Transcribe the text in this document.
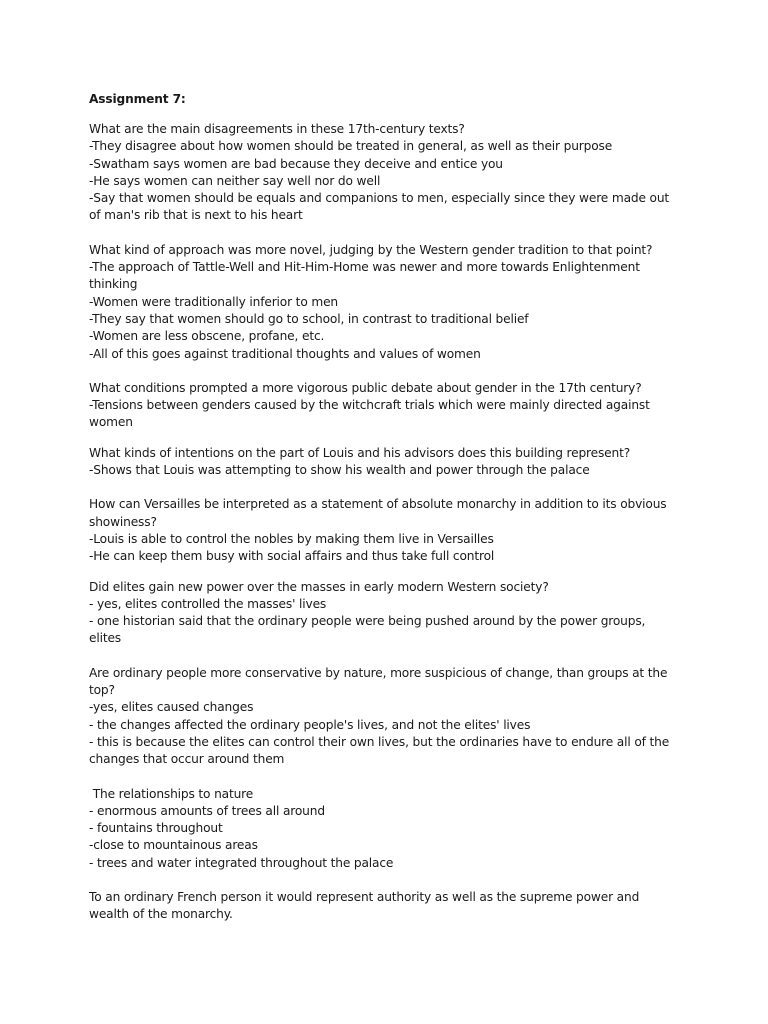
Assignment 7:
What are the main disagreements in these 17th-century texts?
-They disagree about how women should be treated in general, as well as their purpose
-Swatham says women are bad because they deceive and entice you
-He says women can neither say well nor do well
-Say that women should be equals and companions to men, especially since they were made out of man's rib that is next to his heart
What kind of approach was more novel, judging by the Western gender tradition to that point?
-The approach of Tattle-Well and Hit-Him-Home was newer and more towards Enlightenment thinking
-Women were traditionally inferior to men
-They say that women should go to school, in contrast to traditional belief
-Women are less obscene, profane, etc.
-All of this goes against traditional thoughts and values of women
What conditions prompted a more vigorous public debate about gender in the 17th century?
-Tensions between genders caused by the witchcraft trials which were mainly directed against women
What kinds of intentions on the part of Louis and his advisors does this building represent?
-Shows that Louis was attempting to show his wealth and power through the palace
How can Versailles be interpreted as a statement of absolute monarchy in addition to its obvious showiness?
-Louis is able to control the nobles by making them live in Versailles
-He can keep them busy with social affairs and thus take full control
Did elites gain new power over the masses in early modern Western society?
- yes, elites controlled the masses' lives
- one historian said that the ordinary people were being pushed around by the power groups, elites
Are ordinary people more conservative by nature, more suspicious of change, than groups at the top?
-yes, elites caused changes
- the changes affected the ordinary people's lives, and not the elites' lives
- this is because the elites can control their own lives, but the ordinaries have to endure all of the changes that occur around them
The relationships to nature
- enormous amounts of trees all around
- fountains throughout
-close to mountainous areas
- trees and water integrated throughout the palace
To an ordinary French person it would represent authority as well as the supreme power and wealth of the monarchy.
